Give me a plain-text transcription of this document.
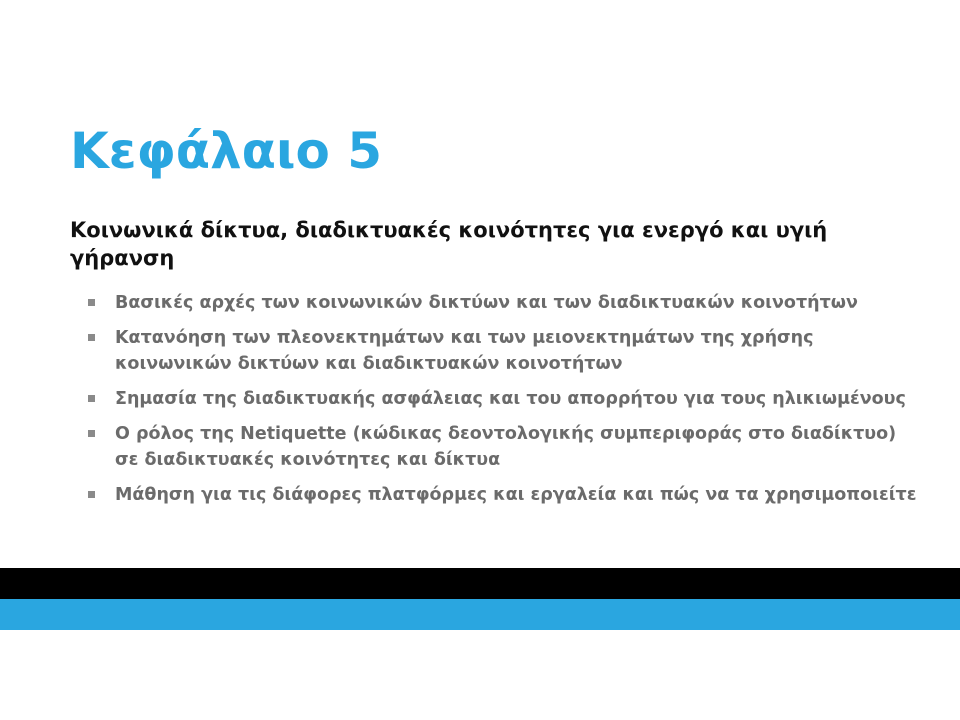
Κεφάλαιο 5

Κοινωνικά δίκτυα, διαδικτυακές κοινότητες για ενεργό και υγιή γήρανση

Βασικές αρχές των κοινωνικών δικτύων και των διαδικτυακών κοινοτήτων
Κατανόηση των πλεονεκτημάτων και των μειονεκτημάτων της χρήσης κοινωνικών δικτύων και διαδικτυακών κοινοτήτων
Σημασία της διαδικτυακής ασφάλειας και του απορρήτου για τους ηλικιωμένους
Ο ρόλος της Netiquette (κώδικας δεοντολογικής συμπεριφοράς στο διαδίκτυο) σε διαδικτυακές κοινότητες και δίκτυα
Μάθηση για τις διάφορες πλατφόρμες και εργαλεία και πώς να τα χρησιμοποιείτε
